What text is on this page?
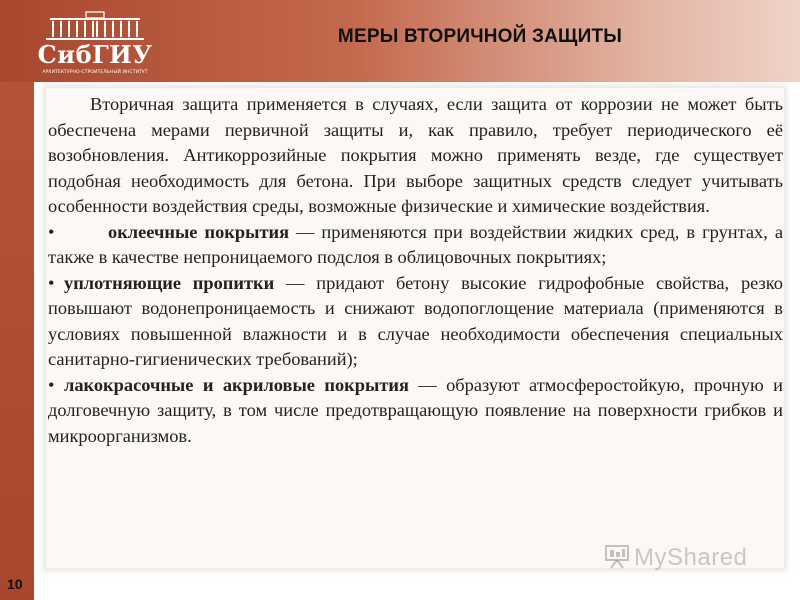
СибГИУ
АРХИТЕКТУРНО-СТРОИТЕЛЬНЫЙ ИНСТИТУТ
МЕРЫ ВТОРИЧНОЙ ЗАЩИТЫ

Вторичная защита применяется в случаях, если защита от коррозии не может быть обеспечена мерами первичной защиты и, как правило, требует периодического её возобновления. Антикоррозийные покрытия можно применять везде, где существует подобная необходимость для бетона. При выборе защитных средств следует учитывать особенности воздействия среды, возможные физические и химические воздействия.

•	оклеечные покрытия — применяются при воздействии жидких сред, в грунтах, а также в качестве непроницаемого подслоя в облицовочных покрытиях;

• уплотняющие пропитки — придают бетону высокие гидрофобные свойства, резко повышают водонепроницаемость и снижают водопоглощение материала (применяются в условиях повышенной влажности и в случае необходимости обеспечения специальных санитарно-гигиенических требований);

• лакокрасочные и акриловые покрытия — образуют атмосферостойкую, прочную и долговечную защиту, в том числе предотвращающую появление на поверхности грибков и микроорганизмов.

10
MyShared
